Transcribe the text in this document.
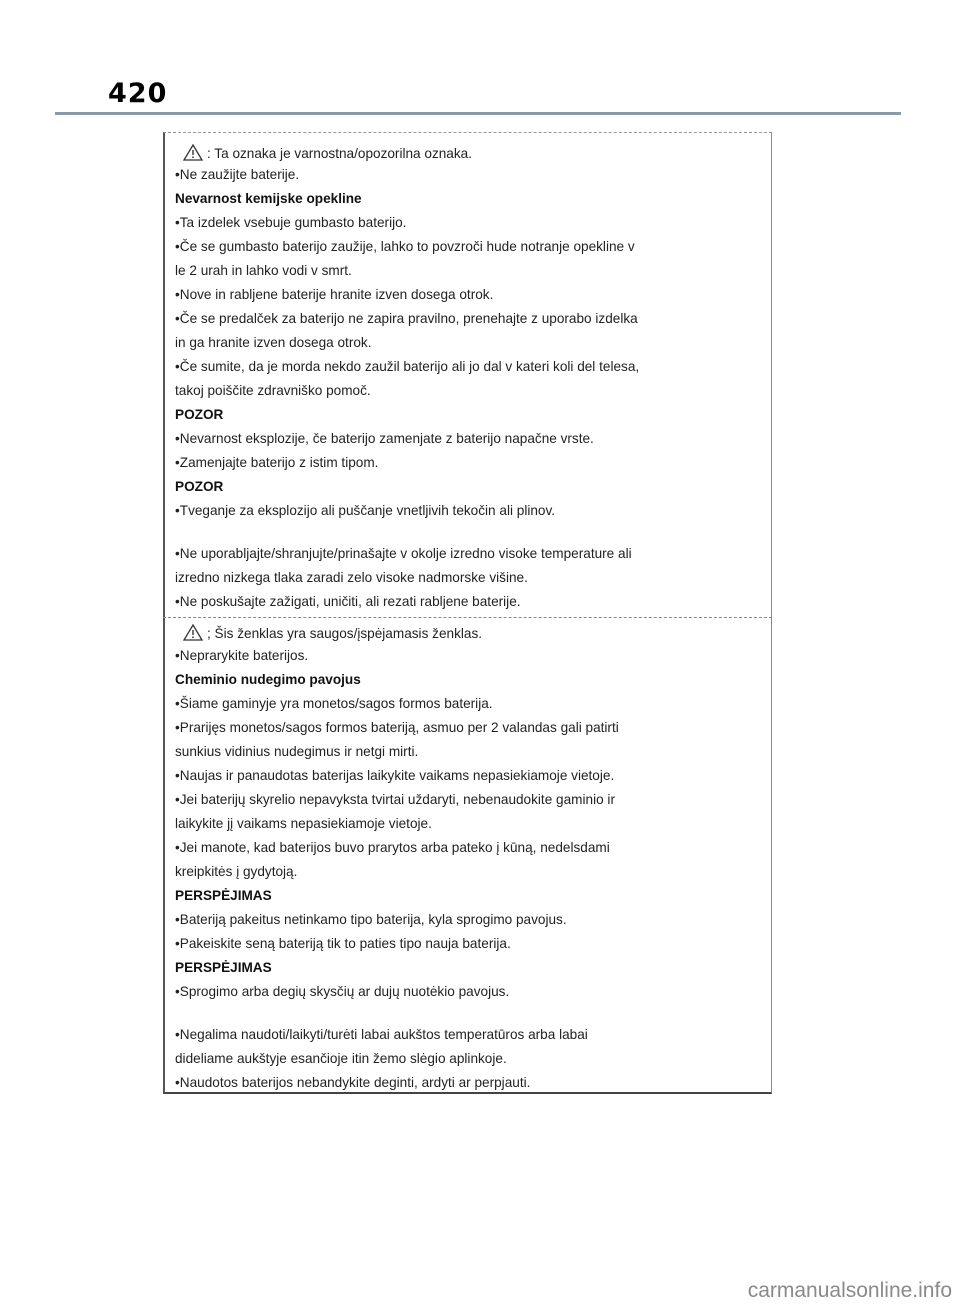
420
: Ta oznaka je varnostna/opozorilna oznaka.
•Ne zaužijte baterije.
Nevarnost kemijske opekline
•Ta izdelek vsebuje gumbasto baterijo.
•Če se gumbasto baterijo zaužije, lahko to povzroči hude notranje opekline v
le 2 urah in lahko vodi v smrt.
•Nove in rabljene baterije hranite izven dosega otrok.
•Če se predalček za baterijo ne zapira pravilno, prenehajte z uporabo izdelka
in ga hranite izven dosega otrok.
•Če sumite, da je morda nekdo zaužil baterijo ali jo dal v kateri koli del telesa,
takoj poiščite zdravniško pomoč.
POZOR
•Nevarnost eksplozije, če baterijo zamenjate z baterijo napačne vrste.
•Zamenjajte baterijo z istim tipom.
POZOR
•Tveganje za eksplozijo ali puščanje vnetljivih tekočin ali plinov.
•Ne uporabljajte/shranjujte/prinašajte v okolje izredno visoke temperature ali
izredno nizkega tlaka zaradi zelo visoke nadmorske višine.
•Ne poskušajte zažigati, uničiti, ali rezati rabljene baterije.
; Šis ženklas yra saugos/įspėjamasis ženklas.
•Neprarykite baterijos.
Cheminio nudegimo pavojus
•Šiame gaminyje yra monetos/sagos formos baterija.
•Prarijęs monetos/sagos formos bateriją, asmuo per 2 valandas gali patirti
sunkius vidinius nudegimus ir netgi mirti.
•Naujas ir panaudotas baterijas laikykite vaikams nepasiekiamoje vietoje.
•Jei baterijų skyrelio nepavyksta tvirtai uždaryti, nebenaudokite gaminio ir
laikykite jį vaikams nepasiekiamoje vietoje.
•Jei manote, kad baterijos buvo prarytos arba pateko į kūną, nedelsdami
kreipkitės į gydytoją.
PERSPĖJIMAS
•Bateriją pakeitus netinkamo tipo baterija, kyla sprogimo pavojus.
•Pakeiskite seną bateriją tik to paties tipo nauja baterija.
PERSPĖJIMAS
•Sprogimo arba degių skysčių ar dujų nuotėkio pavojus.
•Negalima naudoti/laikyti/turėti labai aukštos temperatūros arba labai
dideliame aukštyje esančioje itin žemo slėgio aplinkoje.
•Naudotos baterijos nebandykite deginti, ardyti ar perpjauti.
carmanualsonline.info
